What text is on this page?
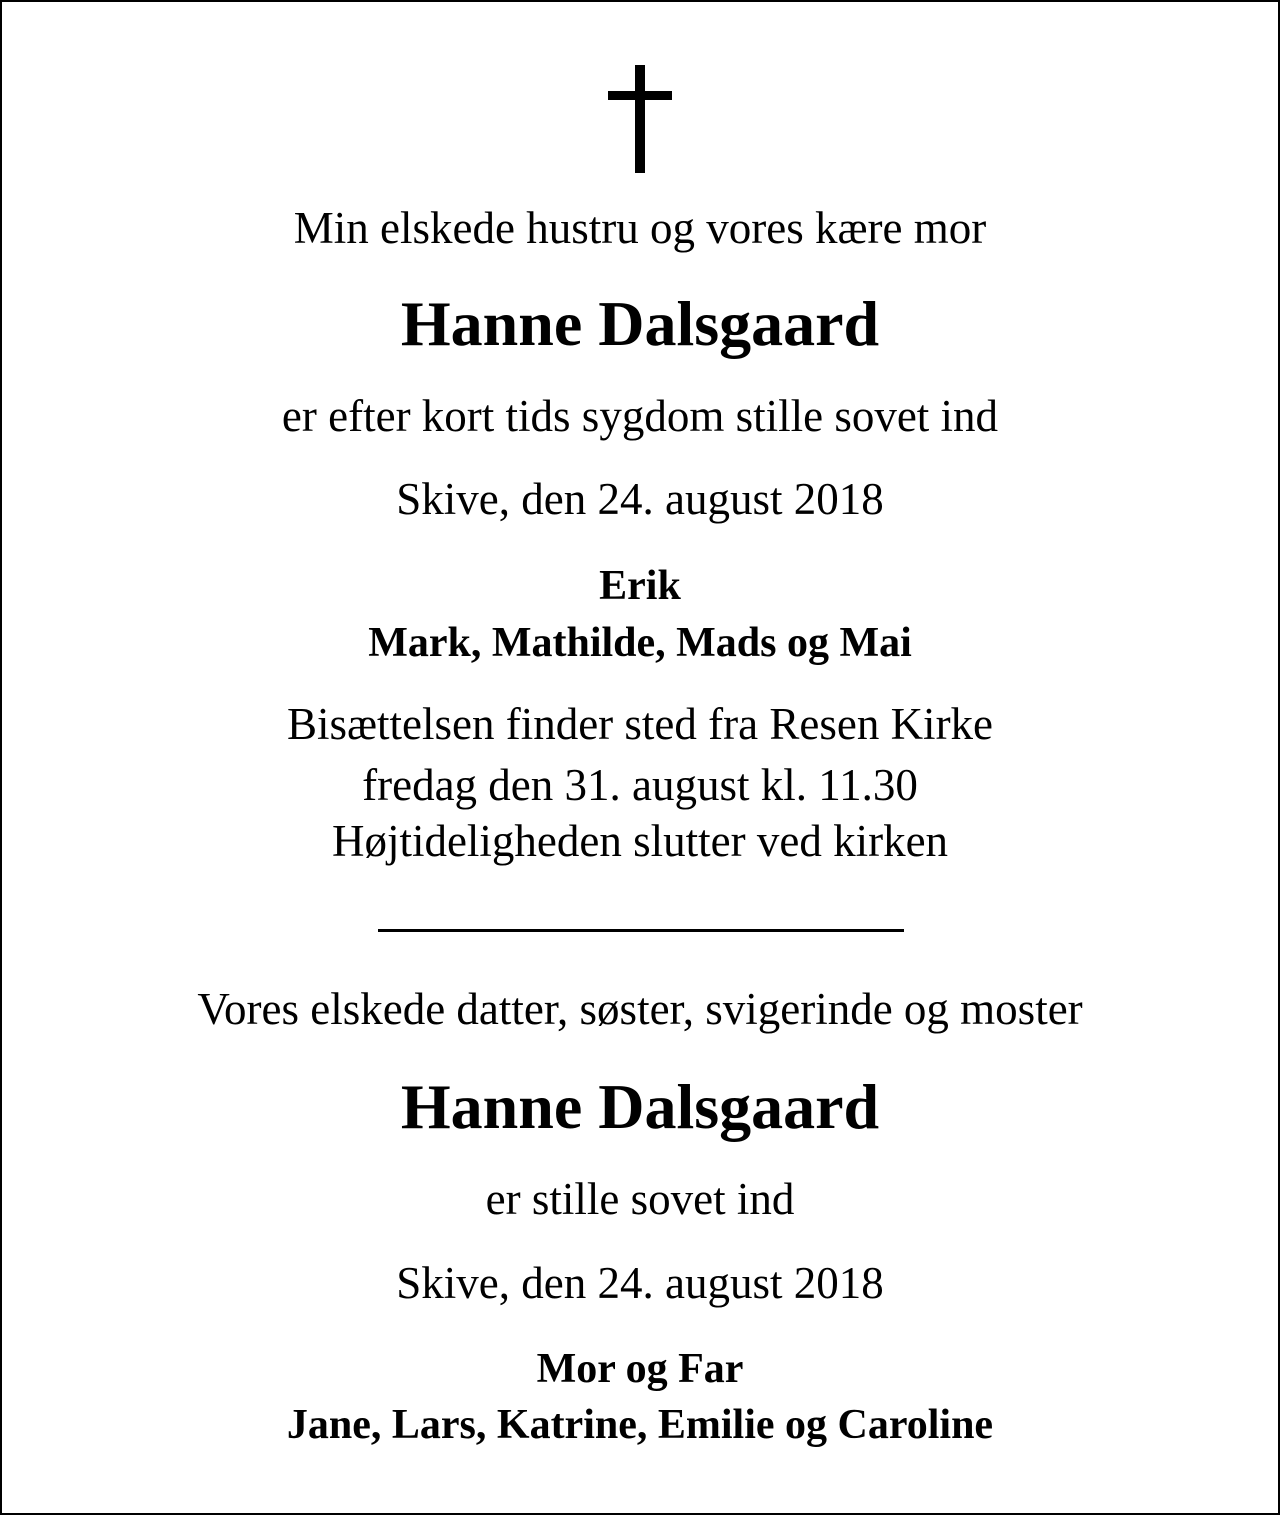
Min elskede hustru og vores kære mor
Hanne Dalsgaard
er efter kort tids sygdom stille sovet ind
Skive, den 24. august 2018
Erik
Mark, Mathilde, Mads og Mai
Bisættelsen finder sted fra Resen Kirke
fredag den 31. august kl. 11.30
Højtideligheden slutter ved kirken
Vores elskede datter, søster, svigerinde og moster
Hanne Dalsgaard
er stille sovet ind
Skive, den 24. august 2018
Mor og Far
Jane, Lars, Katrine, Emilie og Caroline
